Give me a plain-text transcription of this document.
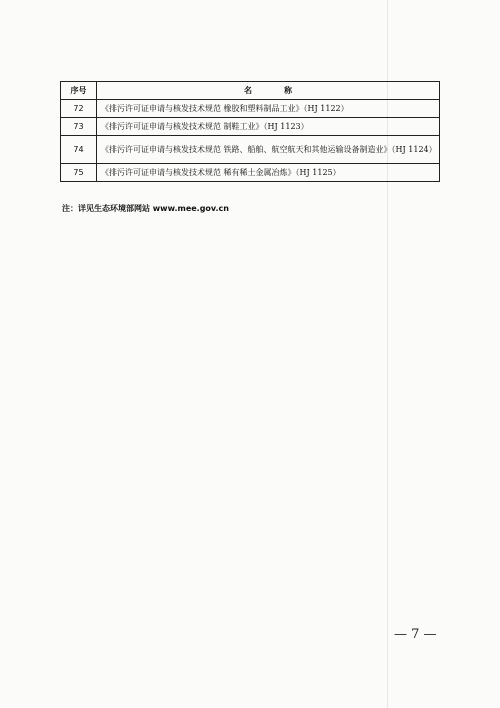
序号	名称
72	《排污许可证申请与核发技术规范 橡胶和塑料制品工业》（HJ 1122）
73	《排污许可证申请与核发技术规范 制鞋工业》（HJ 1123）
74	《排污许可证申请与核发技术规范 铁路、船舶、航空航天和其他运输设备制造业》（HJ 1124）
75	《排污许可证申请与核发技术规范 稀有稀土金属冶炼》（HJ 1125）
注：详见生态环境部网站 www.mee.gov.cn
— 7 —
